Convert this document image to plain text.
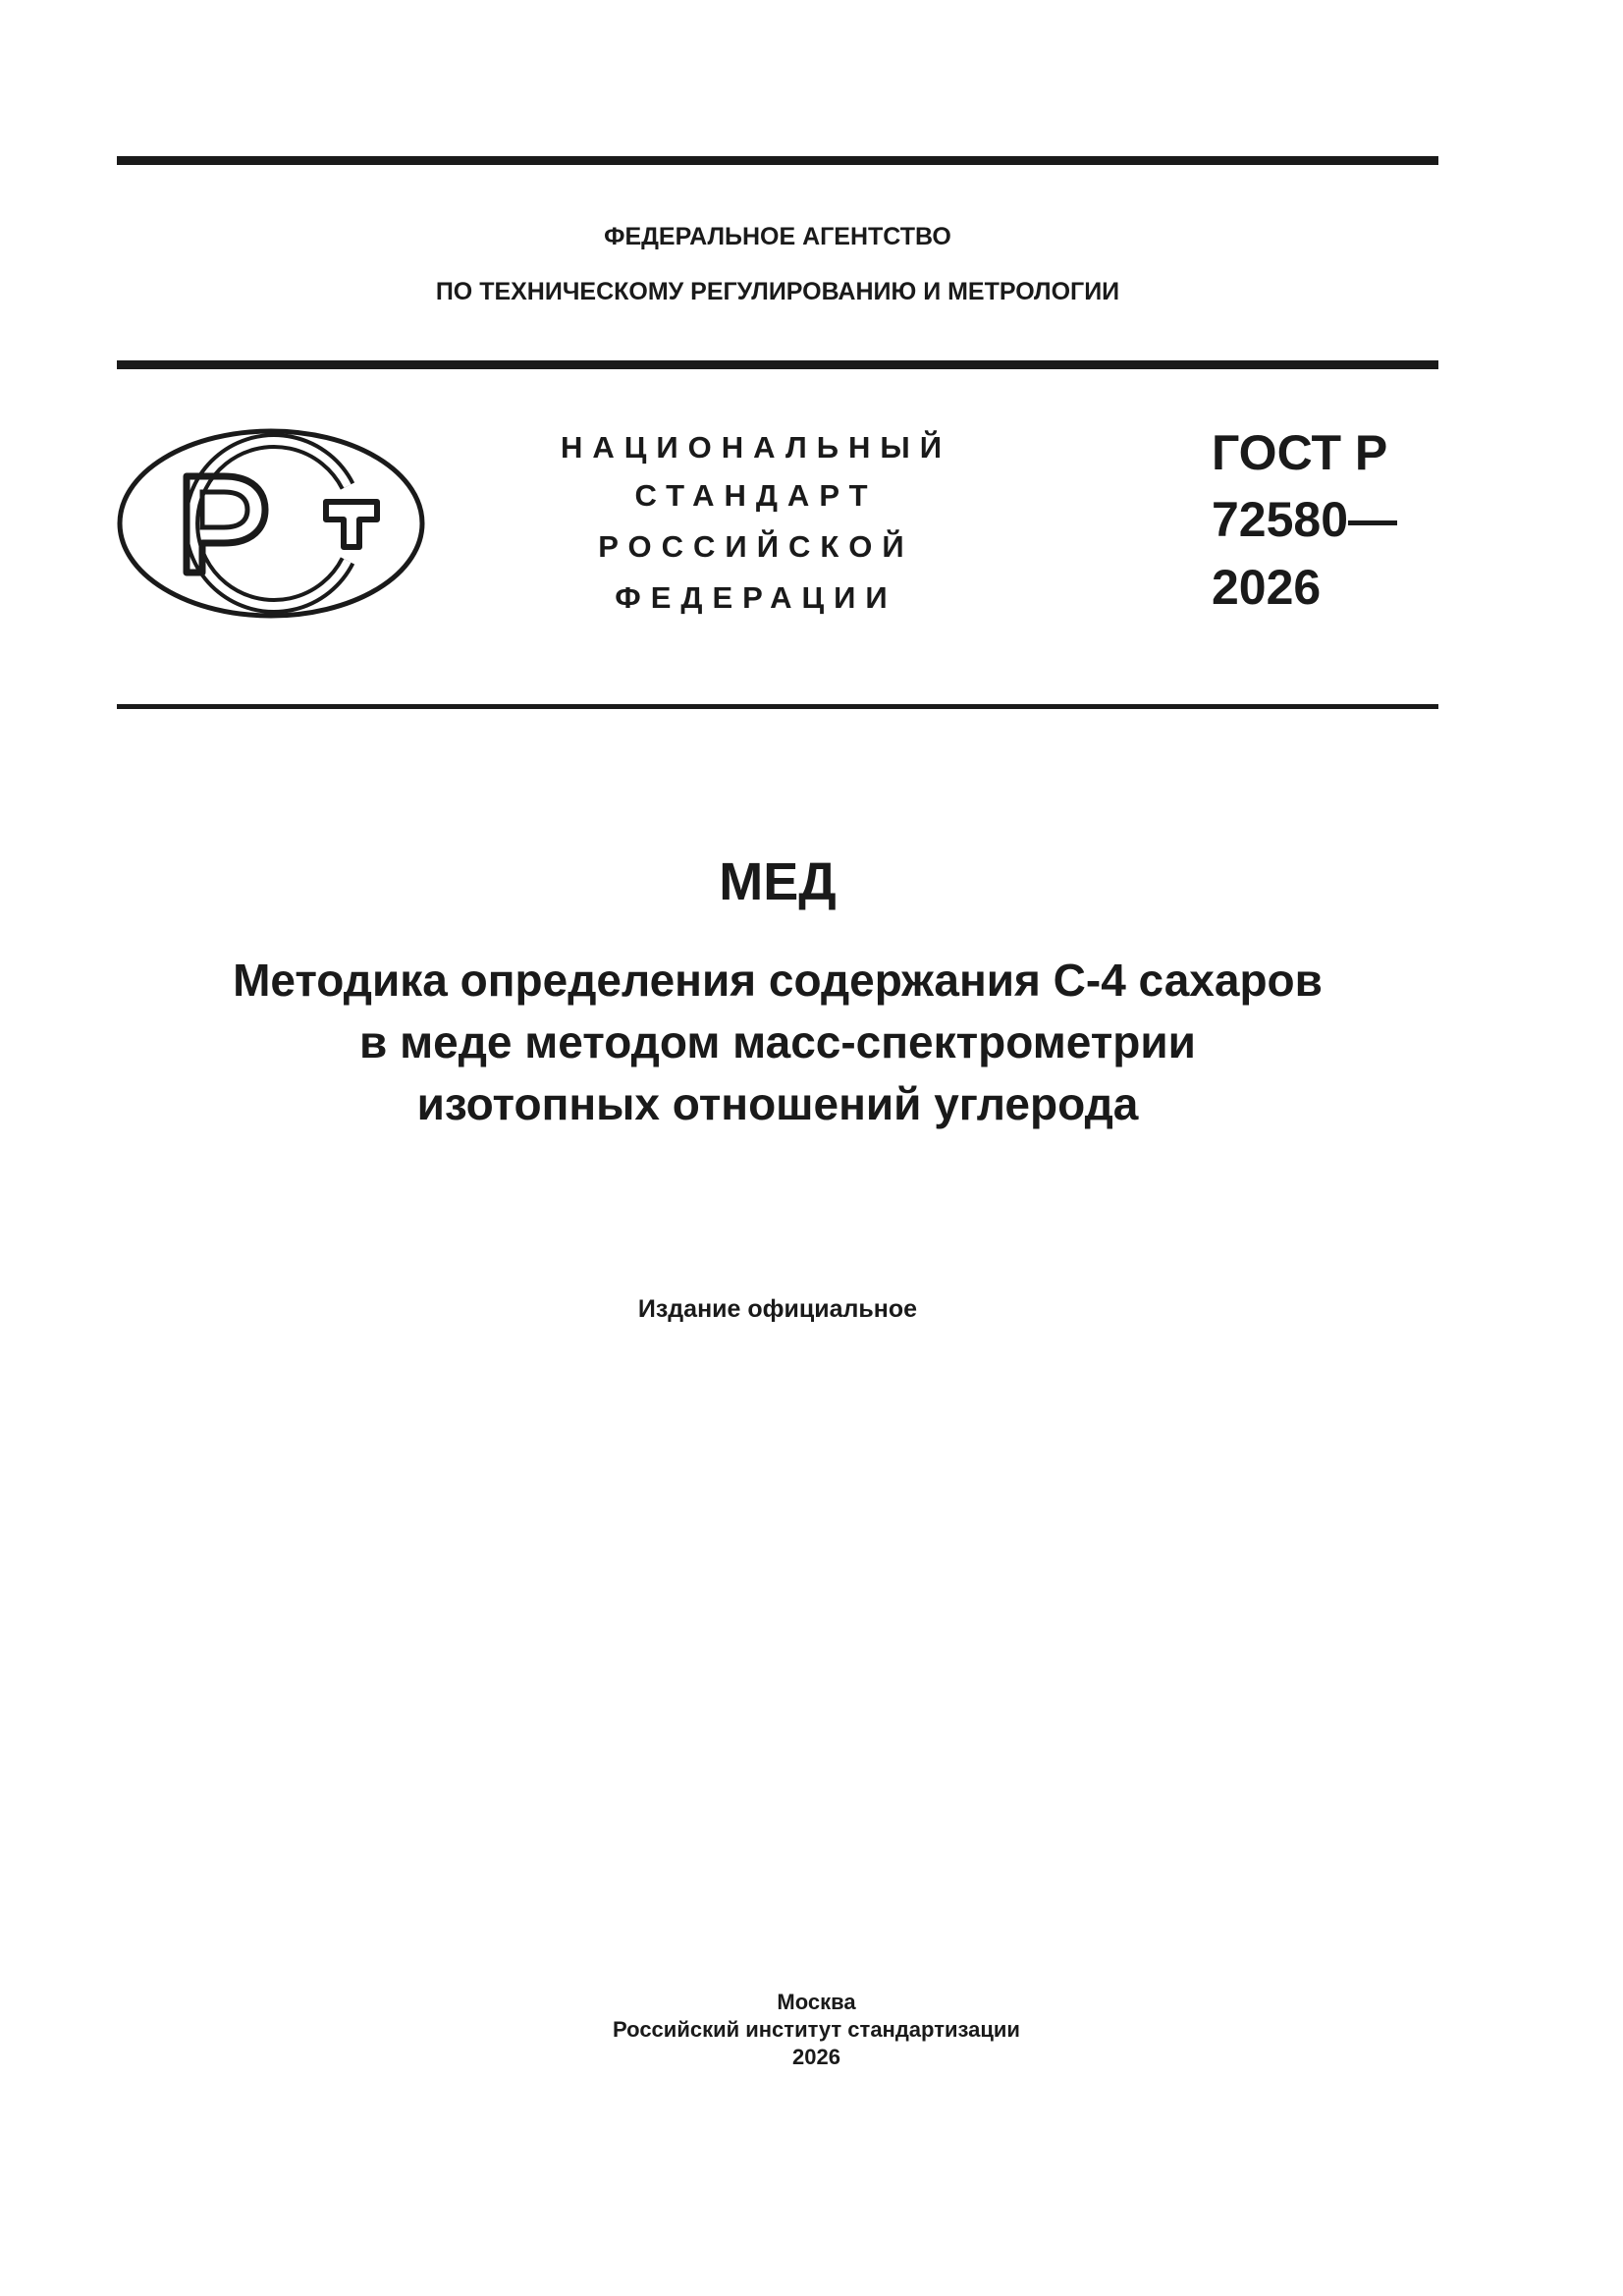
ФЕДЕРАЛЬНОЕ АГЕНТСТВО
ПО ТЕХНИЧЕСКОМУ РЕГУЛИРОВАНИЮ И МЕТРОЛОГИИ
НАЦИОНАЛЬНЫЙ
СТАНДАРТ
РОССИЙСКОЙ
ФЕДЕРАЦИИ
ГОСТ Р
72580—
2026
МЕД
Методика определения содержания С-4 сахаров
в меде методом масс-спектрометрии
изотопных отношений углерода
Издание официальное
Москва
Российский институт стандартизации
2026
